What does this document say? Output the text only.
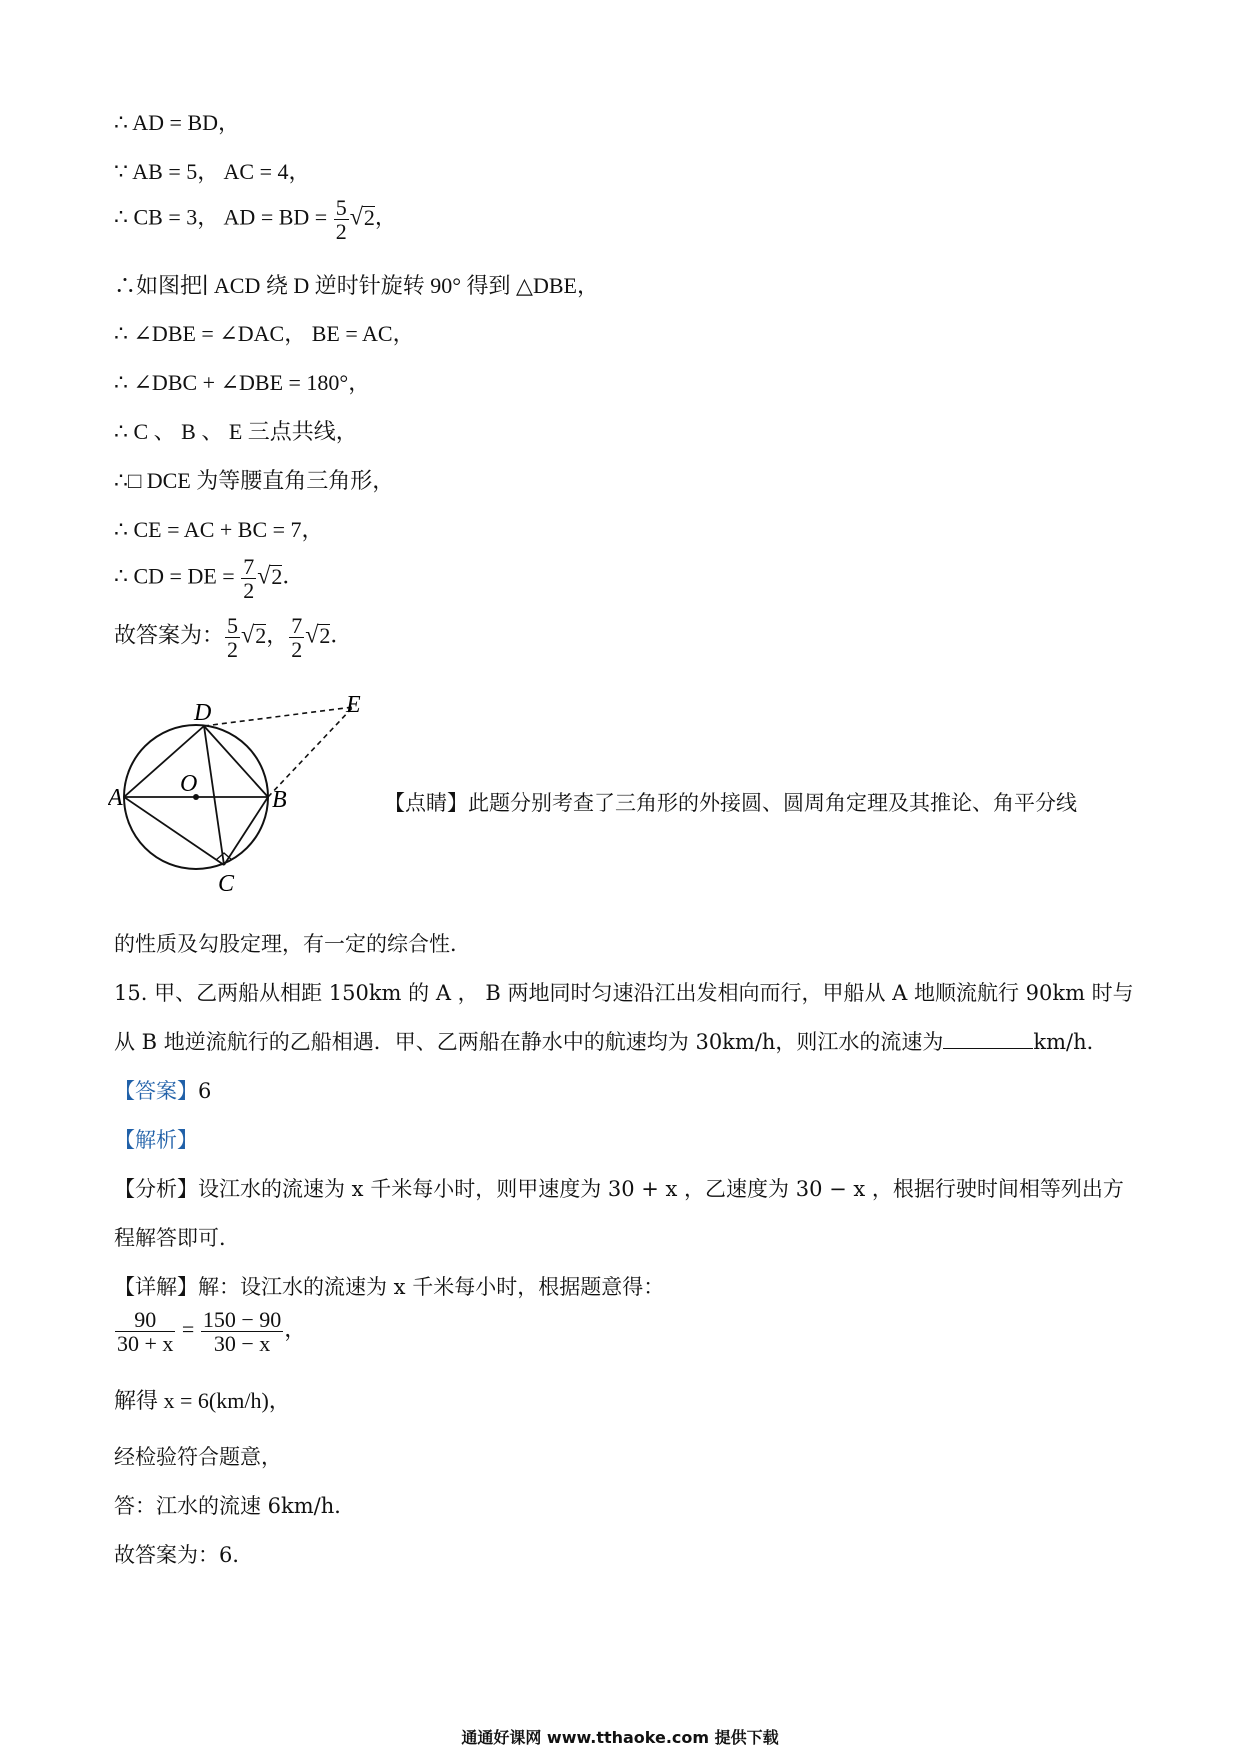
∴ AD = BD，
∵ AB = 5， AC = 4，
∴ CB = 3， AD = BD = $\frac{5}{2} √2$，
∴如图把∣ ACD 绕 D 逆时针旋转 90° 得到 △DBE，
∴ ∠DBE = ∠DAC， BE = AC，
∴ ∠DBC + ∠DBE = 180°，
∴ C 、 B 、 E 三点共线，
∴□ DCE 为等腰直角三角形，
∴ CE = AC + BC = 7，
∴ CD = DE = $\frac{7}{2} √2$．
故答案为： $\frac{5}{2} √2$， $\frac{7}{2} √2$．
A	B
C
D	E
O
【点睛】此题分别考查了三角形的外接圆、圆周角定理及其推论、角平分线
的性质及勾股定理，有一定的综合性．
15. 甲、乙两船从相距 150km 的 A ， B 两地同时匀速沿江出发相向而行，甲船从 A 地顺流航行 90km 时与
从 B 地逆流航行的乙船相遇．甲、乙两船在静水中的航速均为 30km/h，则江水的流速为	km/h．
【答案】6
【解析】
【分析】设江水的流速为 x 千米每小时，则甲速度为 30 + x ，乙速度为 30 − x ，根据行驶时间相等列出方
程解答即可．
【详解】解：设江水的流速为 x 千米每小时，根据题意得：
$\frac{90}{30 + x} = \frac{150 - 90}{30 - x}$ ，
解得 x = 6(km/h)，
经检验符合题意，
答：江水的流速 6km/h．
故答案为：6．
通通好课网 www.tthaoke.com 提供下载
